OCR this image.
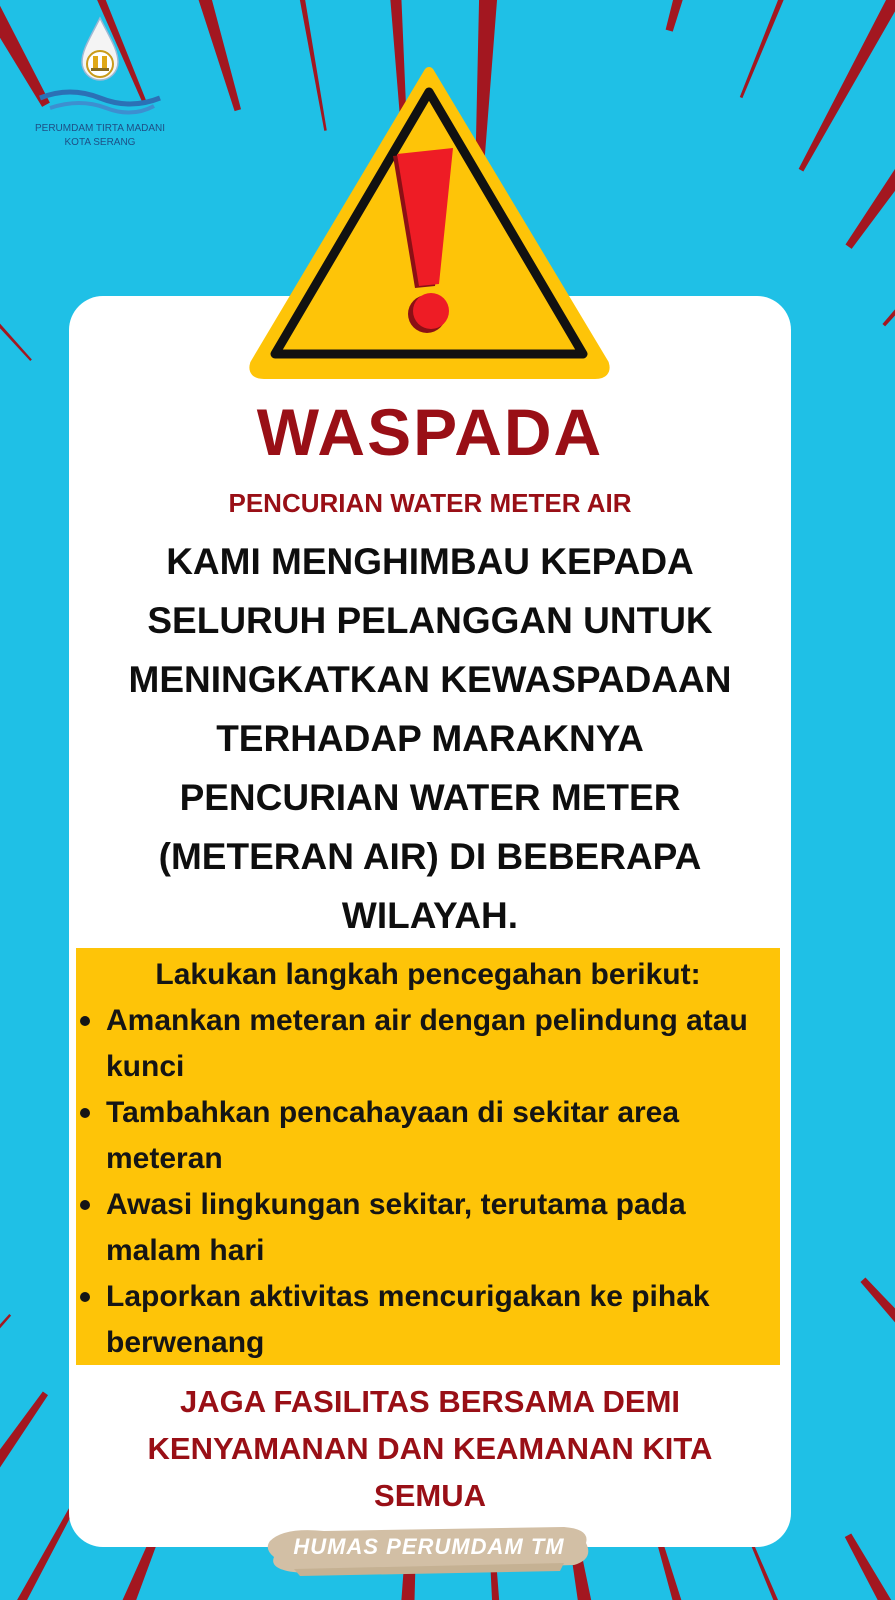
PERUMDAM TIRTA MADANI
KOTA SERANG
WASPADA
PENCURIAN WATER METER AIR
KAMI MENGHIMBAU KEPADA
SELURUH PELANGGAN UNTUK
MENINGKATKAN KEWASPADAAN
TERHADAP MARAKNYA
PENCURIAN WATER METER
(METERAN AIR) DI BEBERAPA
WILAYAH.
Lakukan langkah pencegahan berikut:
Amankan meteran air dengan pelindung atau kunci
Tambahkan pencahayaan di sekitar area meteran
Awasi lingkungan sekitar, terutama pada malam hari
Laporkan aktivitas mencurigakan ke pihak berwenang
JAGA FASILITAS BERSAMA DEMI
KENYAMANAN DAN KEAMANAN KITA
SEMUA
HUMAS PERUMDAM TM
